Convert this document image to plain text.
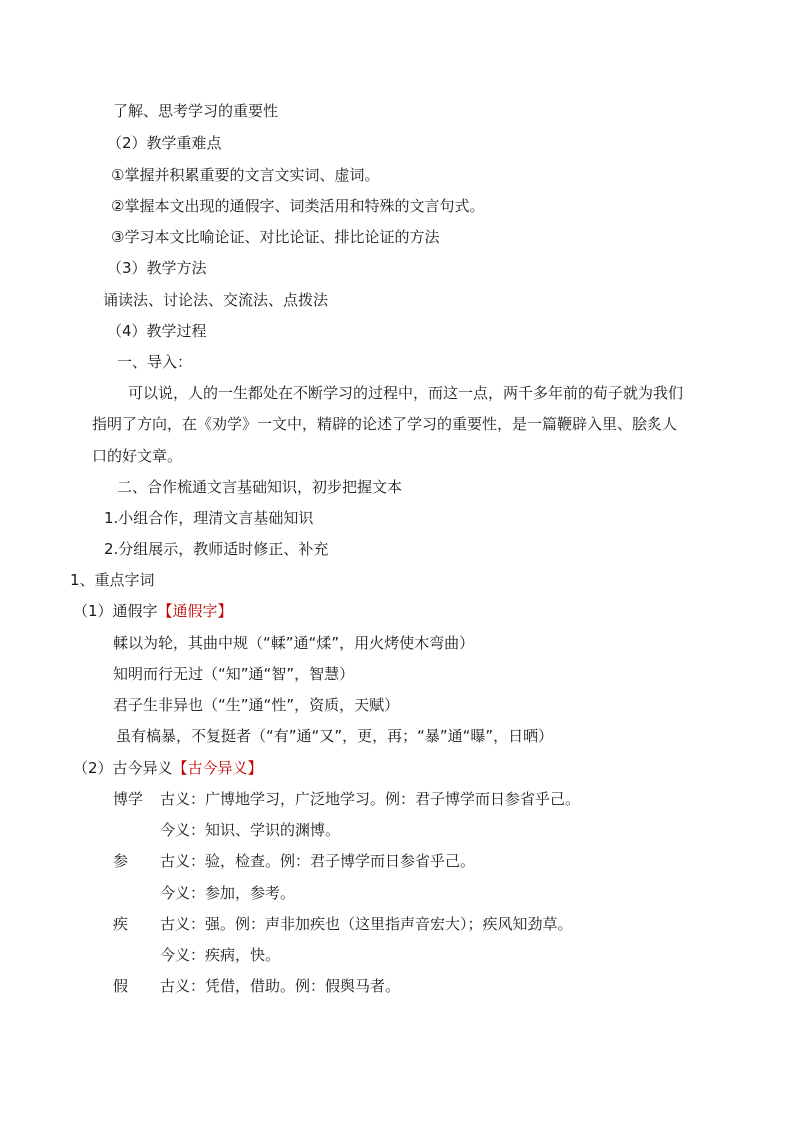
了解、思考学习的重要性
（2）教学重难点
①掌握并积累重要的文言文实词、虚词。
②掌握本文出现的通假字、词类活用和特殊的文言句式。
③学习本文比喻论证、对比论证、排比论证的方法
（3）教学方法
诵读法、讨论法、交流法、点拨法
（4）教学过程
一、导入：
可以说，人的一生都处在不断学习的过程中，而这一点，两千多年前的荀子就为我们
指明了方向，在《劝学》一文中，精辟的论述了学习的重要性，是一篇鞭辟入里、脍炙人
口的好文章。
二、合作梳通文言基础知识，初步把握文本
1.小组合作，理清文言基础知识
2.分组展示，教师适时修正、补充
1、重点字词
（1）通假字【通假字】
輮以为轮，其曲中规（“輮”通“煣”，用火烤使木弯曲）
知明而行无过（“知”通“智”，智慧）
君子生非异也（“生”通“性”，资质，天赋）
虽有槁暴，不复挺者（“有”通“又”，更，再；“暴”通“曝”，日晒）
（2）古今异义【古今异义】
博学 古义：广博地学习，广泛地学习。例：君子博学而日参省乎己。
今义：知识、学识的渊博。
参 古义：验，检查。例：君子博学而日参省乎己。
今义：参加，参考。
疾 古义：强。例：声非加疾也（这里指声音宏大）；疾风知劲草。
今义：疾病，快。
假 古义：凭借，借助。例：假舆马者。
